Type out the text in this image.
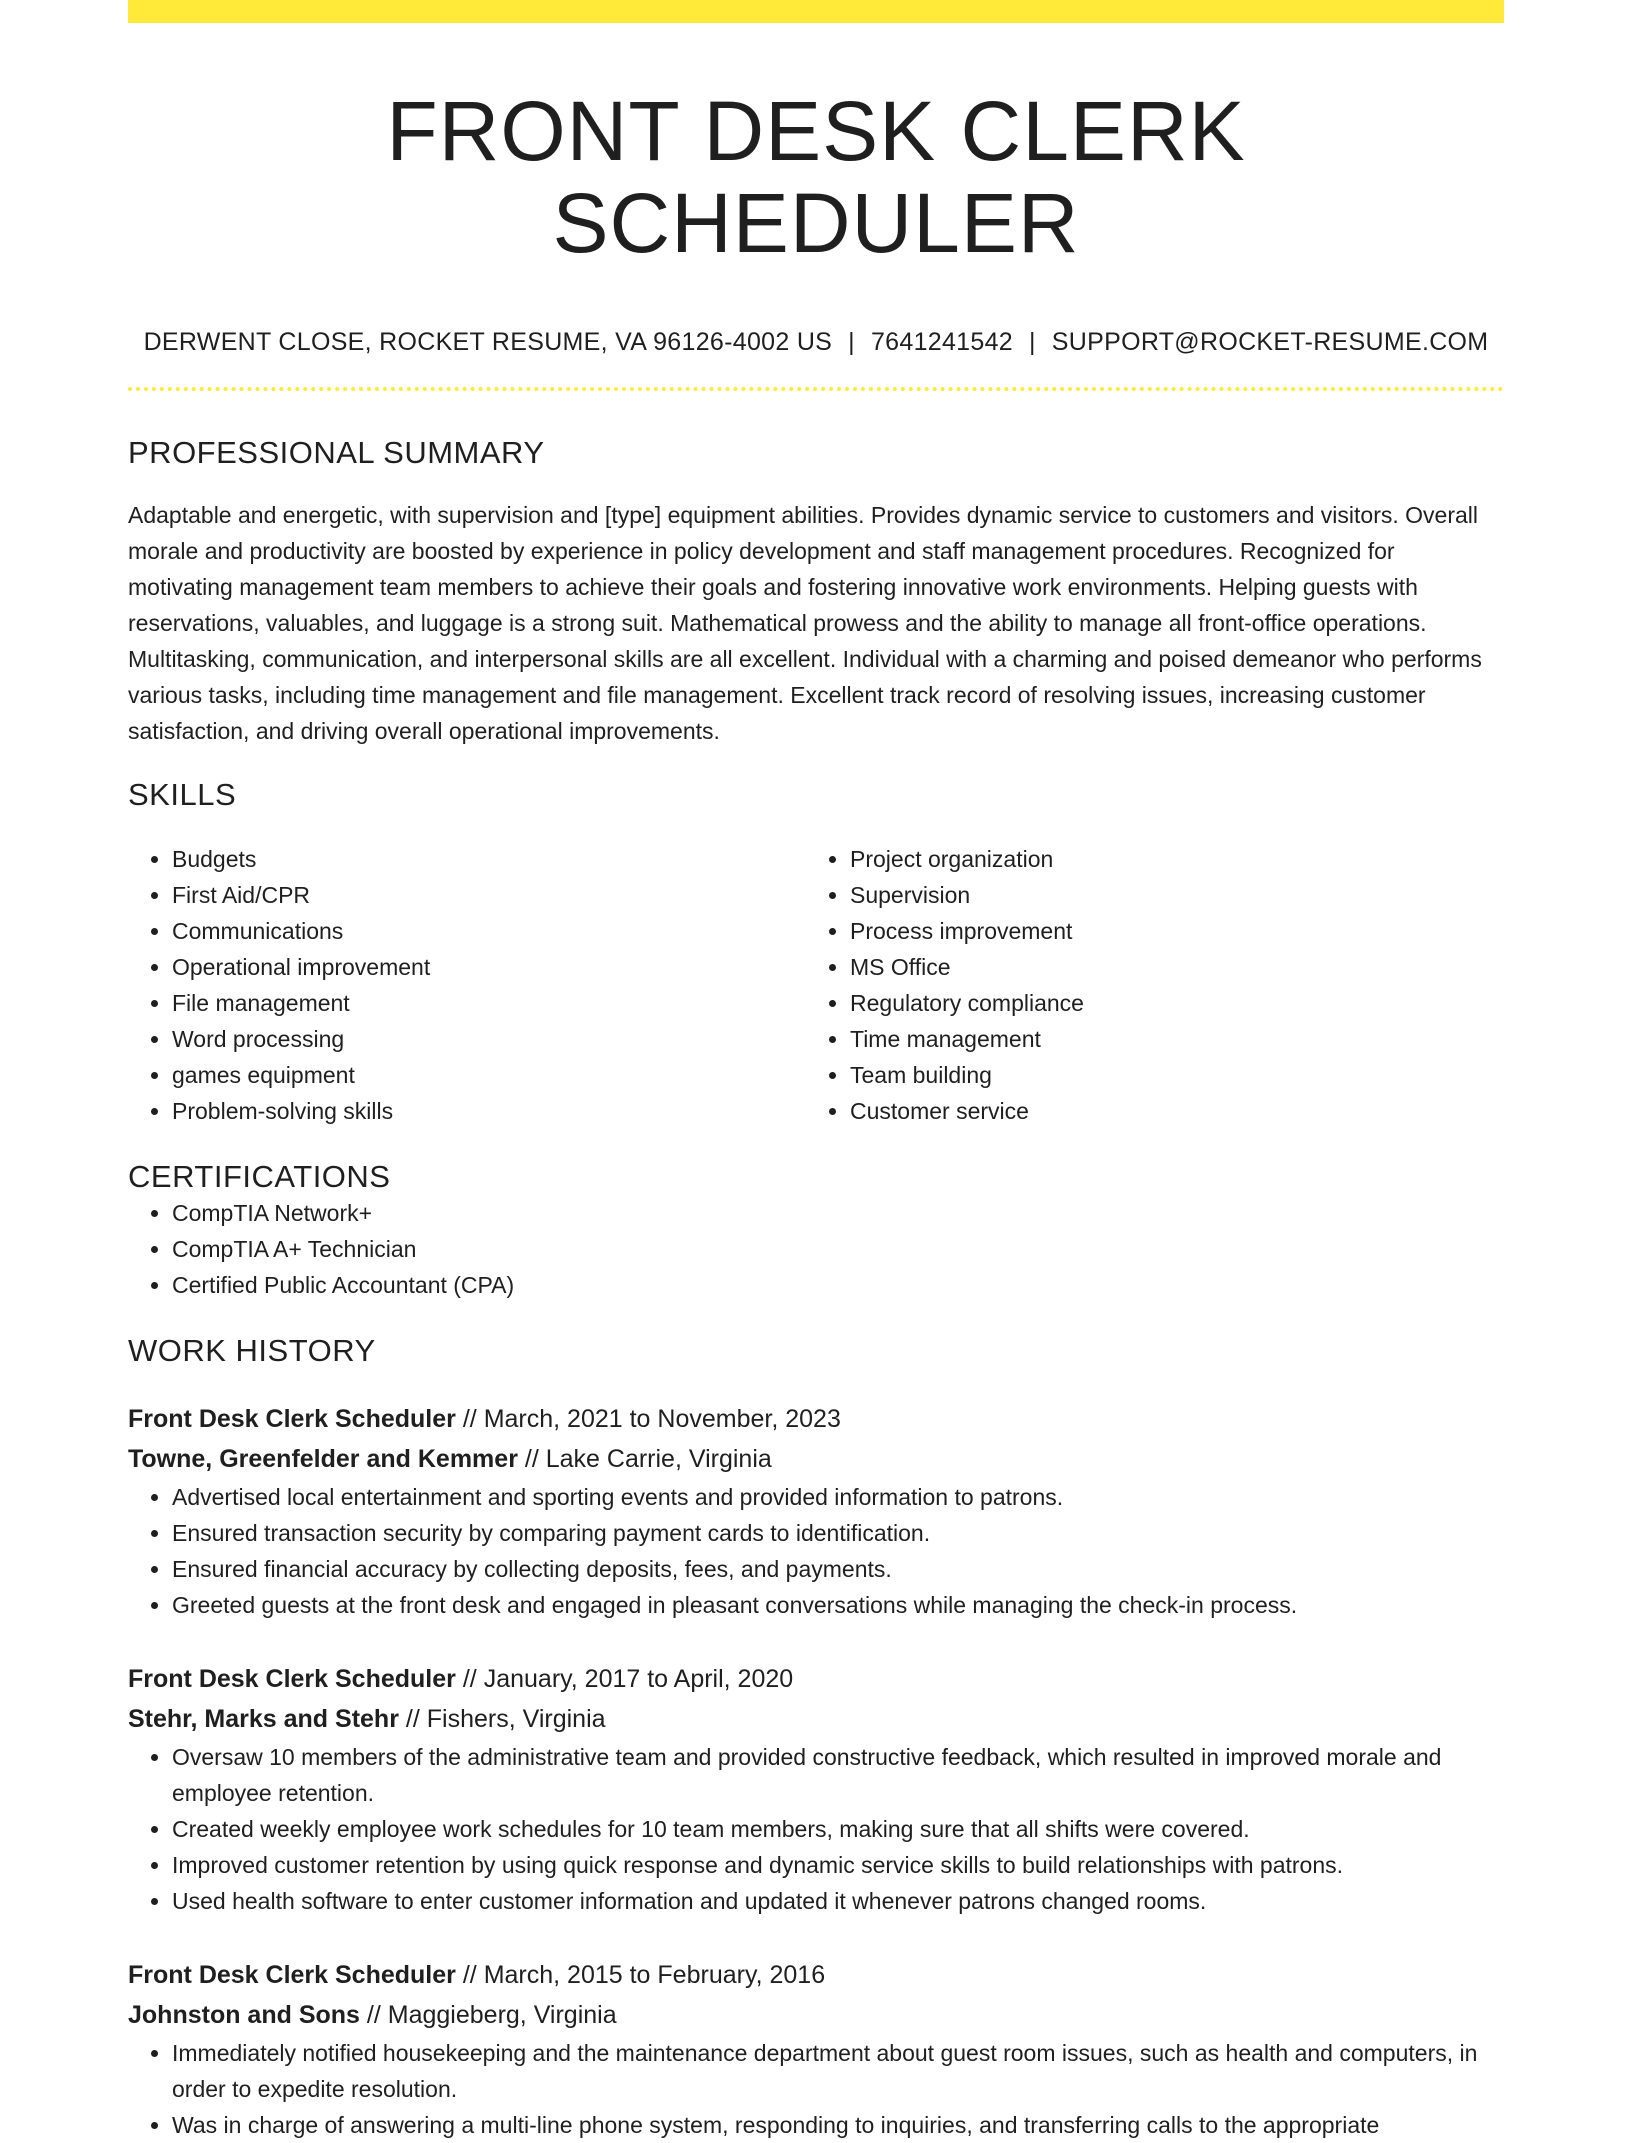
FRONT DESK CLERK SCHEDULER
DERWENT CLOSE, ROCKET RESUME, VA 96126-4002 US | 7641241542 | SUPPORT@ROCKET-RESUME.COM
PROFESSIONAL SUMMARY
Adaptable and energetic, with supervision and [type] equipment abilities. Provides dynamic service to customers and visitors. Overall morale and productivity are boosted by experience in policy development and staff management procedures. Recognized for motivating management team members to achieve their goals and fostering innovative work environments. Helping guests with reservations, valuables, and luggage is a strong suit. Mathematical prowess and the ability to manage all front-office operations. Multitasking, communication, and interpersonal skills are all excellent. Individual with a charming and poised demeanor who performs various tasks, including time management and file management. Excellent track record of resolving issues, increasing customer satisfaction, and driving overall operational improvements.
SKILLS
• Budgets
• First Aid/CPR
• Communications
• Operational improvement
• File management
• Word processing
• games equipment
• Problem-solving skills
• Project organization
• Supervision
• Process improvement
• MS Office
• Regulatory compliance
• Time management
• Team building
• Customer service
CERTIFICATIONS
• CompTIA Network+
• CompTIA A+ Technician
• Certified Public Accountant (CPA)
WORK HISTORY
Front Desk Clerk Scheduler // March, 2021 to November, 2023
Towne, Greenfelder and Kemmer // Lake Carrie, Virginia
• Advertised local entertainment and sporting events and provided information to patrons.
• Ensured transaction security by comparing payment cards to identification.
• Ensured financial accuracy by collecting deposits, fees, and payments.
• Greeted guests at the front desk and engaged in pleasant conversations while managing the check-in process.
Front Desk Clerk Scheduler // January, 2017 to April, 2020
Stehr, Marks and Stehr // Fishers, Virginia
• Oversaw 10 members of the administrative team and provided constructive feedback, which resulted in improved morale and employee retention.
• Created weekly employee work schedules for 10 team members, making sure that all shifts were covered.
• Improved customer retention by using quick response and dynamic service skills to build relationships with patrons.
• Used health software to enter customer information and updated it whenever patrons changed rooms.
Front Desk Clerk Scheduler // March, 2015 to February, 2016
Johnston and Sons // Maggieberg, Virginia
• Immediately notified housekeeping and the maintenance department about guest room issues, such as health and computers, in order to expedite resolution.
• Was in charge of answering a multi-line phone system, responding to inquiries, and transferring calls to the appropriate
